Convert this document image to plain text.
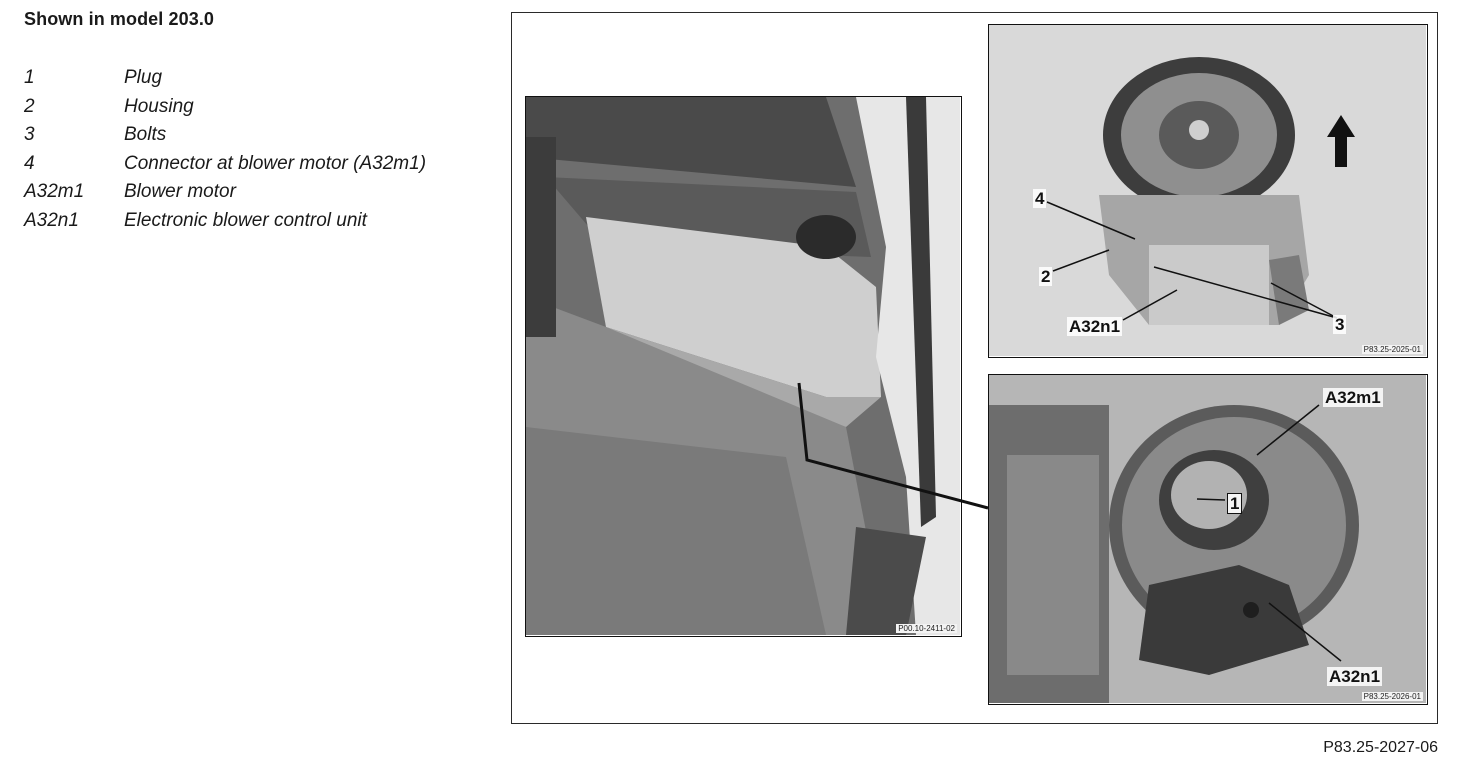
Shown in model 203.0
1	Plug
2	Housing
3	Bolts
4	Connector at blower motor (A32m1)
A32m1	Blower motor
A32n1	Electronic blower control unit
P00.10-2411-02
4
2
A32n1	3
P83.25-2025-01
A32m1
1
A32n1
P83.25-2026-01
P83.25-2027-06
